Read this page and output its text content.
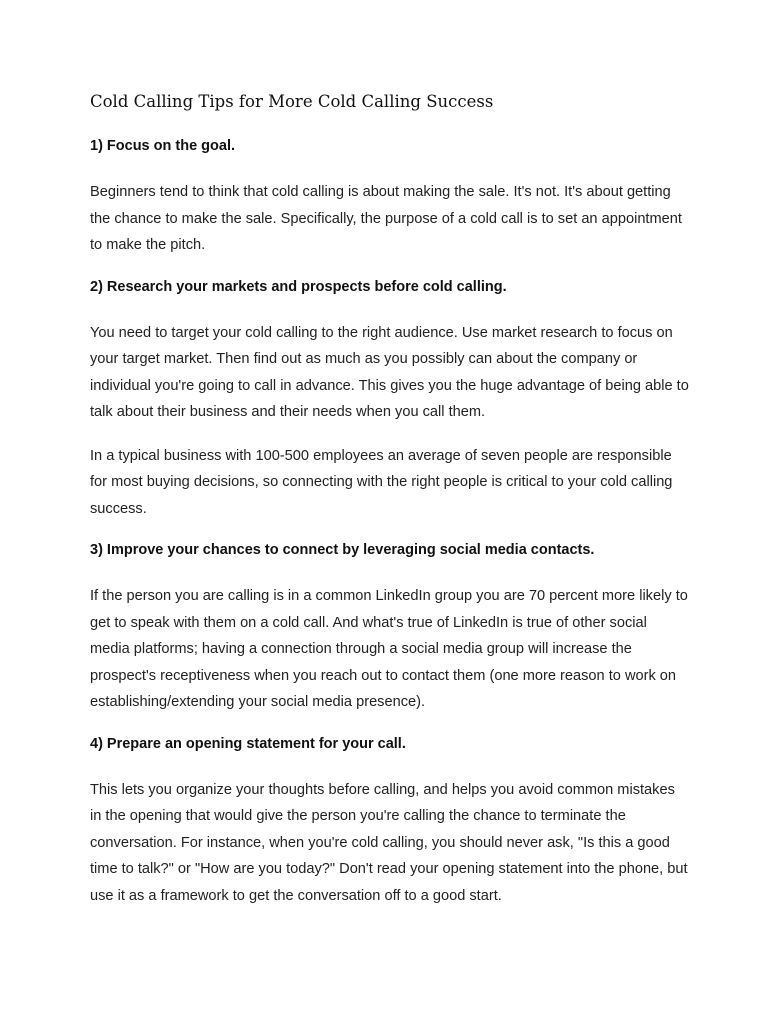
Cold Calling Tips for More Cold Calling Success
1) Focus on the goal.

Beginners tend to think that cold calling is about making the sale. It's not. It's about getting the chance to make the sale. Specifically, the purpose of a cold call is to set an appointment to make the pitch.

2) Research your markets and prospects before cold calling.

You need to target your cold calling to the right audience. Use market research to focus on your target market. Then find out as much as you possibly can about the company or individual you're going to call in advance. This gives you the huge advantage of being able to talk about their business and their needs when you call them.

In a typical business with 100-500 employees an average of seven people are responsible for most buying decisions, so connecting with the right people is critical to your cold calling success.

3) Improve your chances to connect by leveraging social media contacts.

If the person you are calling is in a common LinkedIn group you are 70 percent more likely to get to speak with them on a cold call. And what's true of LinkedIn is true of other social media platforms; having a connection through a social media group will increase the prospect's receptiveness when you reach out to contact them (one more reason to work on establishing/extending your social media presence).

4) Prepare an opening statement for your call.

This lets you organize your thoughts before calling, and helps you avoid common mistakes in the opening that would give the person you're calling the chance to terminate the conversation. For instance, when you're cold calling, you should never ask, "Is this a good time to talk?" or "How are you today?" Don't read your opening statement into the phone, but use it as a framework to get the conversation off to a good start.
